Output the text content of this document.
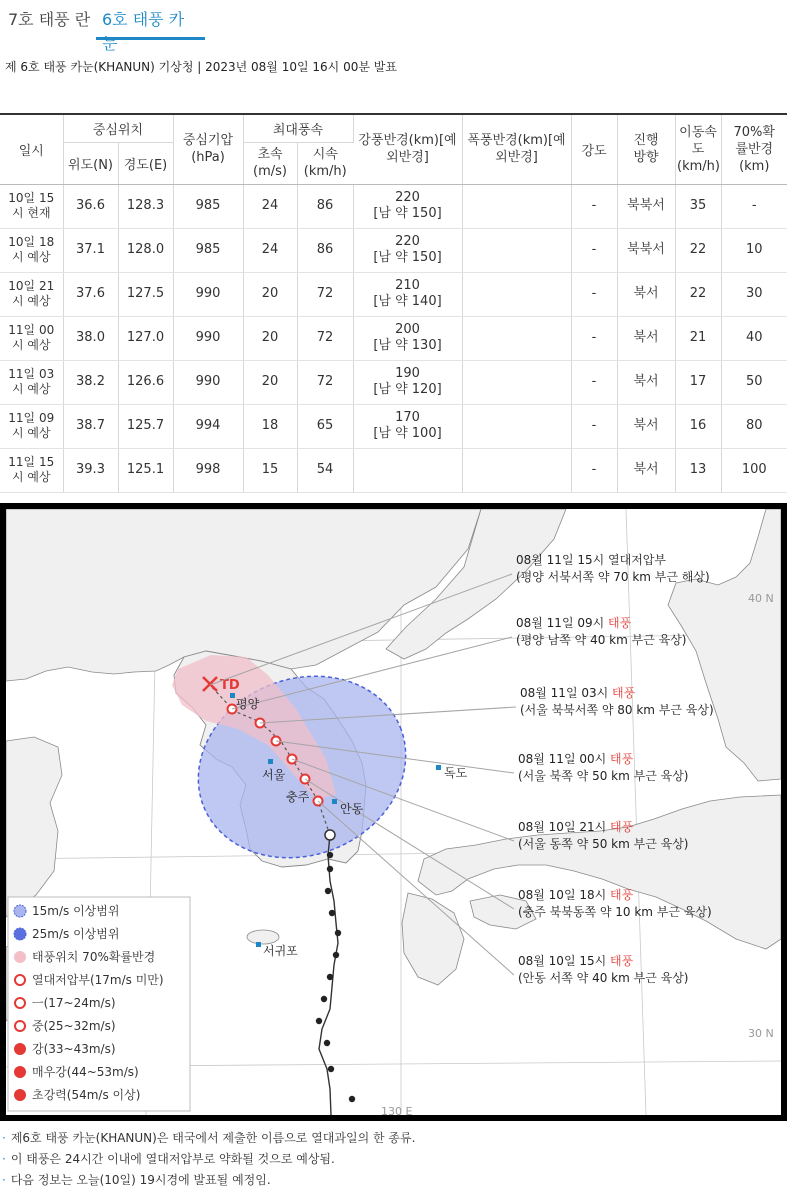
7호 태풍 란 6호 태풍 카눈
제 6호 태풍 카눈(KHANUN) 기상청 | 2023년 08월 10일 16시 00분 발표
일시	중심위치		중심기압(hPa)	최대풍속		강풍반경(km)[예외반경]	폭풍반경(km)[예외반경]	강도	진행방향	이동속도(km/h)	70%확률반경(km)
	위도(N)	경도(E)		초속(m/s)	시속(km/h)						
10일 15시 현재	36.6	128.3	985	24	86	220
[남 약 150]		-	북북서	35	-
10일 18시 예상	37.1	128.0	985	24	86	220
[남 약 150]		-	북북서	22	10
10일 21시 예상	37.6	127.5	990	20	72	210
[남 약 140]		-	북서	22	30
11일 00시 예상	38.0	127.0	990	20	72	200
[남 약 130]		-	북서	21	40
11일 03시 예상	38.2	126.6	990	20	72	190
[남 약 120]		-	북서	17	50
11일 09시 예상	38.7	125.7	994	18	65	170
[남 약 100]		-	북서	16	80
11일 15시 예상	39.3	125.1	998	15	54			-	북서	13	100
TD
평양
서울
충주
안동
독도
서귀포
40 N
30 N
130 E
08월 11일 15시 열대저압부
(평양 서북서쪽 약 70 km 부근 해상)
08월 11일 09시 태풍
(평양 남쪽 약 40 km 부근 육상)
08월 11일 03시 태풍
(서울 북북서쪽 약 80 km 부근 육상)
08월 11일 00시 태풍
(서울 북쪽 약 50 km 부근 육상)
08월 10일 21시 태풍
(서울 동쪽 약 50 km 부근 육상)
08월 10일 18시 태풍
(충주 북북동쪽 약 10 km 부근 육상)
08월 10일 15시 태풍
(안동 서쪽 약 40 km 부근 육상)
15m/s 이상범위
25m/s 이상범위
태풍위치 70%확률반경
열대저압부(17m/s 미만)
ㅡ(17~24m/s)
중(25~32m/s)
강(33~43m/s)
매우강(44~53m/s)
초강력(54m/s 이상)
· 제6호 태풍 카눈(KHANUN)은 태국에서 제출한 이름으로 열대과일의 한 종류.
· 이 태풍은 24시간 이내에 열대저압부로 약화될 것으로 예상됨.
· 다음 정보는 오늘(10일) 19시경에 발표될 예정임.
